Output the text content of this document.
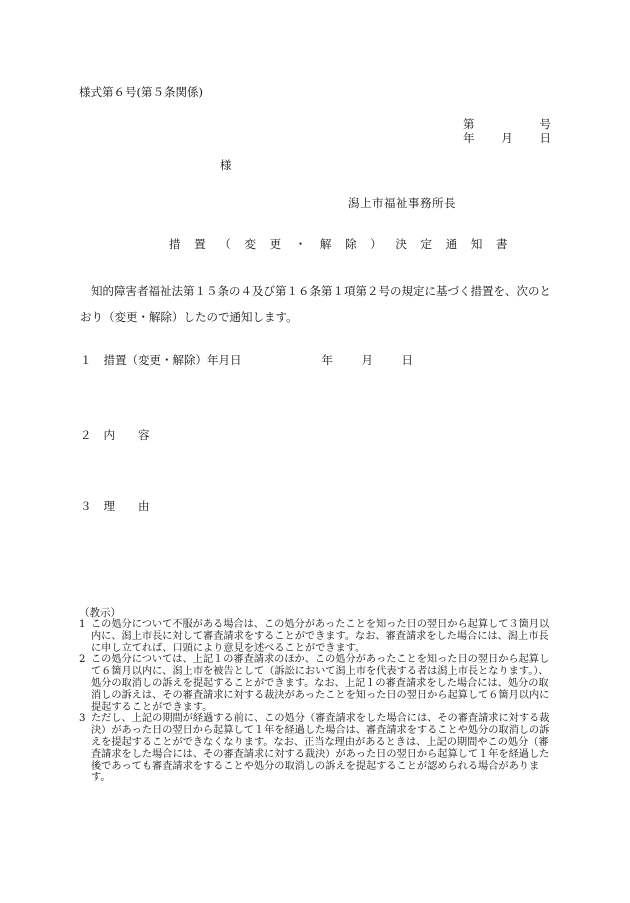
様式第６号(第５条関係)
第	号
年 月 日
様
潟上市福祉事務所長
措 置 （ 変 更 ・ 解 除 ） 決 定 通 知 書
知的障害者福祉法第１５条の４及び第１６条第１項第２号の規定に基づく措置を、次のとおり（変更・解除）したので通知します。
１ 措置（変更・解除）年月日	年 月 日
２ 内　　容
３ 理　　由
（教示）

1 この処分について不服がある場合は、この処分があったことを知った日の翌日から起算して３箇月以内に、潟上市長に対して審査請求をすることができます。なお、審査請求をした場合には、潟上市長に申し立てれば、口頭により意見を述べることができます。

2 この処分については、上記１の審査請求のほか、この処分があったことを知った日の翌日から起算して６箇月以内に、潟上市を被告として（訴訟において潟上市を代表する者は潟上市長となります。）、処分の取消しの訴えを提起することができます。なお、上記１の審査請求をした場合には、処分の取消しの訴えは、その審査請求に対する裁決があったことを知った日の翌日から起算して６箇月以内に提起することができます。

3 ただし、上記の期間が経過する前に、この処分（審査請求をした場合には、その審査請求に対する裁決）があった日の翌日から起算して１年を経過した場合は、審査請求をすることや処分の取消しの訴えを提起することができなくなります。なお、正当な理由があるときは、上記の期間やこの処分（審査請求をした場合には、その審査請求に対する裁決）があった日の翌日から起算して１年を経過した後であっても審査請求をすることや処分の取消しの訴えを提起することが認められる場合があります。
